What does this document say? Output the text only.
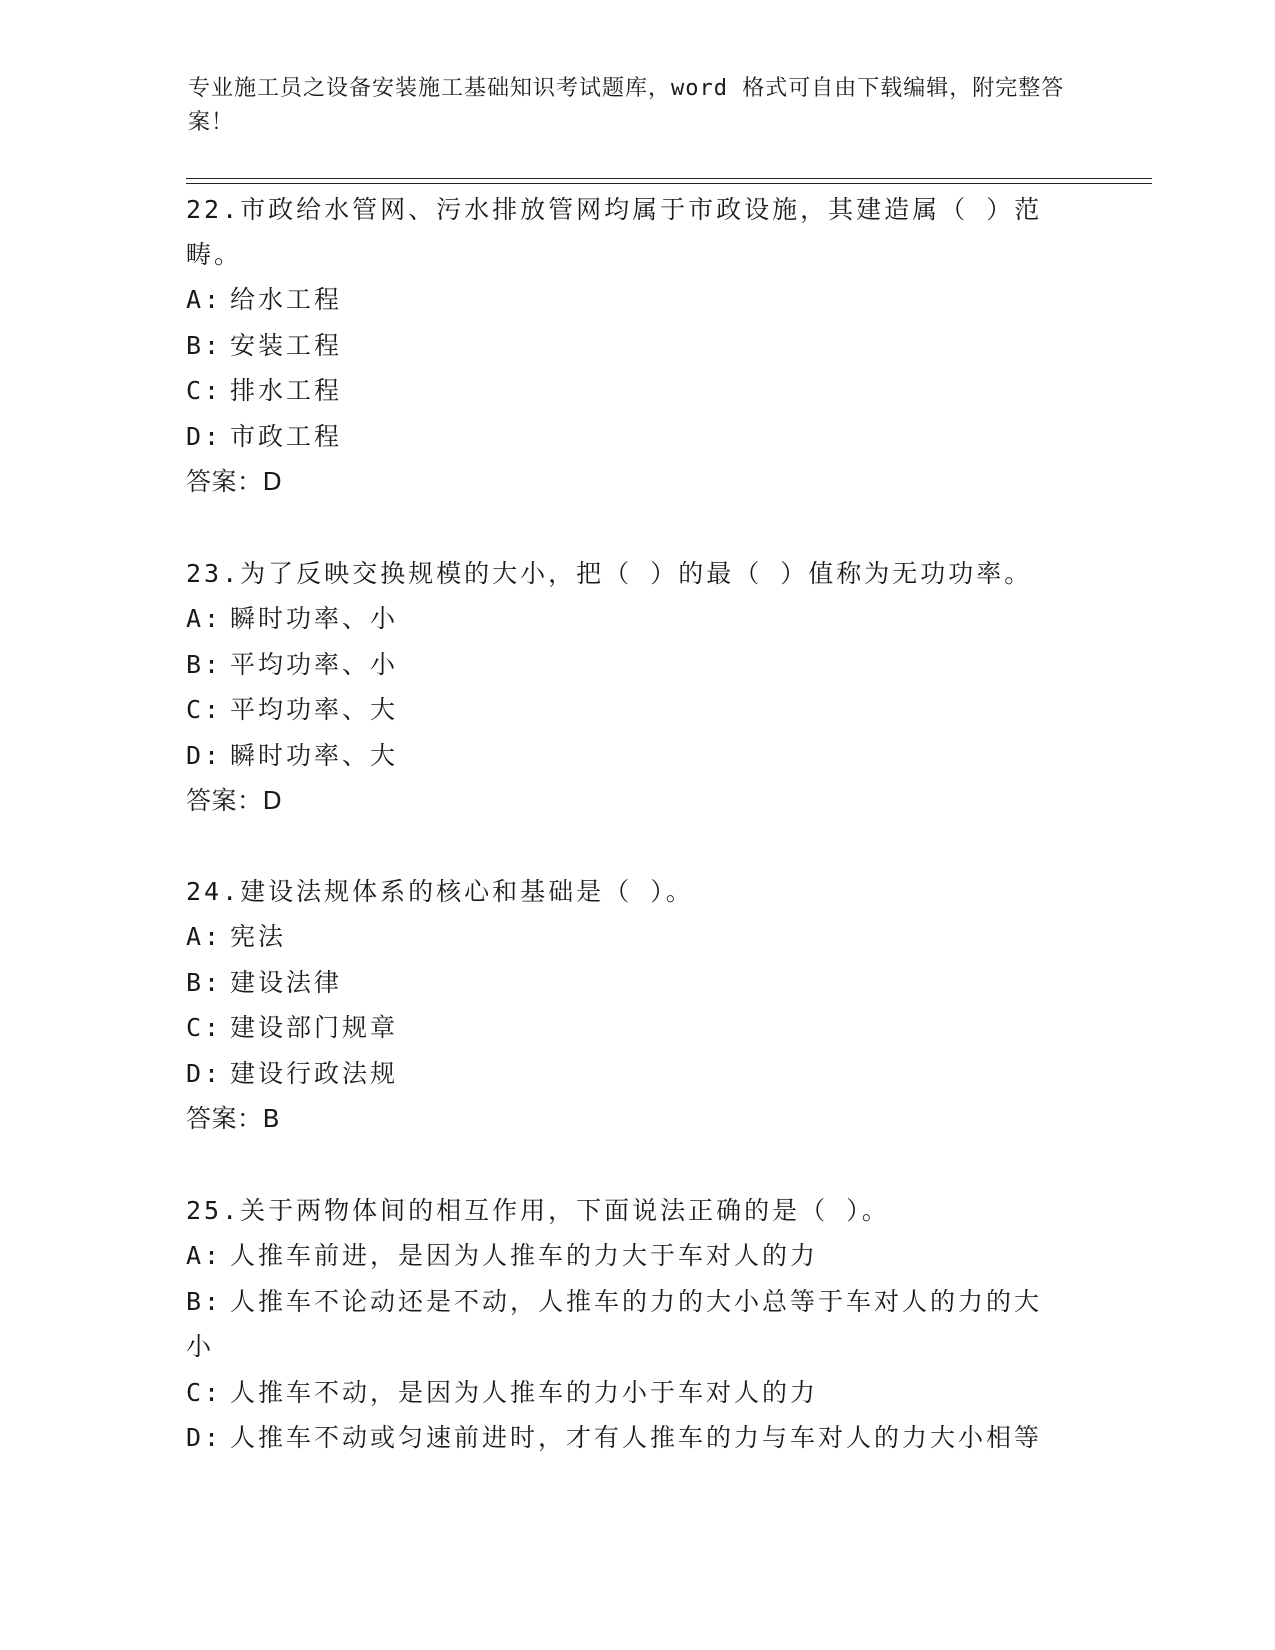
专业施工员之设备安装施工基础知识考试题库，word 格式可自由下载编辑，附完整答案！
22.市政给水管网、污水排放管网均属于市政设施，其建造属（ ）范畴。
A: 给水工程
B: 安装工程
C: 排水工程
D: 市政工程
答案：D
23.为了反映交换规模的大小，把（ ）的最（ ）值称为无功功率。
A: 瞬时功率、小
B: 平均功率、小
C: 平均功率、大
D: 瞬时功率、大
答案：D
24.建设法规体系的核心和基础是（ ）。
A: 宪法
B: 建设法律
C: 建设部门规章
D: 建设行政法规
答案：B
25.关于两物体间的相互作用，下面说法正确的是（ ）。
A: 人推车前进，是因为人推车的力大于车对人的力
B: 人推车不论动还是不动，人推车的力的大小总等于车对人的力的大小
C: 人推车不动，是因为人推车的力小于车对人的力
D: 人推车不动或匀速前进时，才有人推车的力与车对人的力大小相等
